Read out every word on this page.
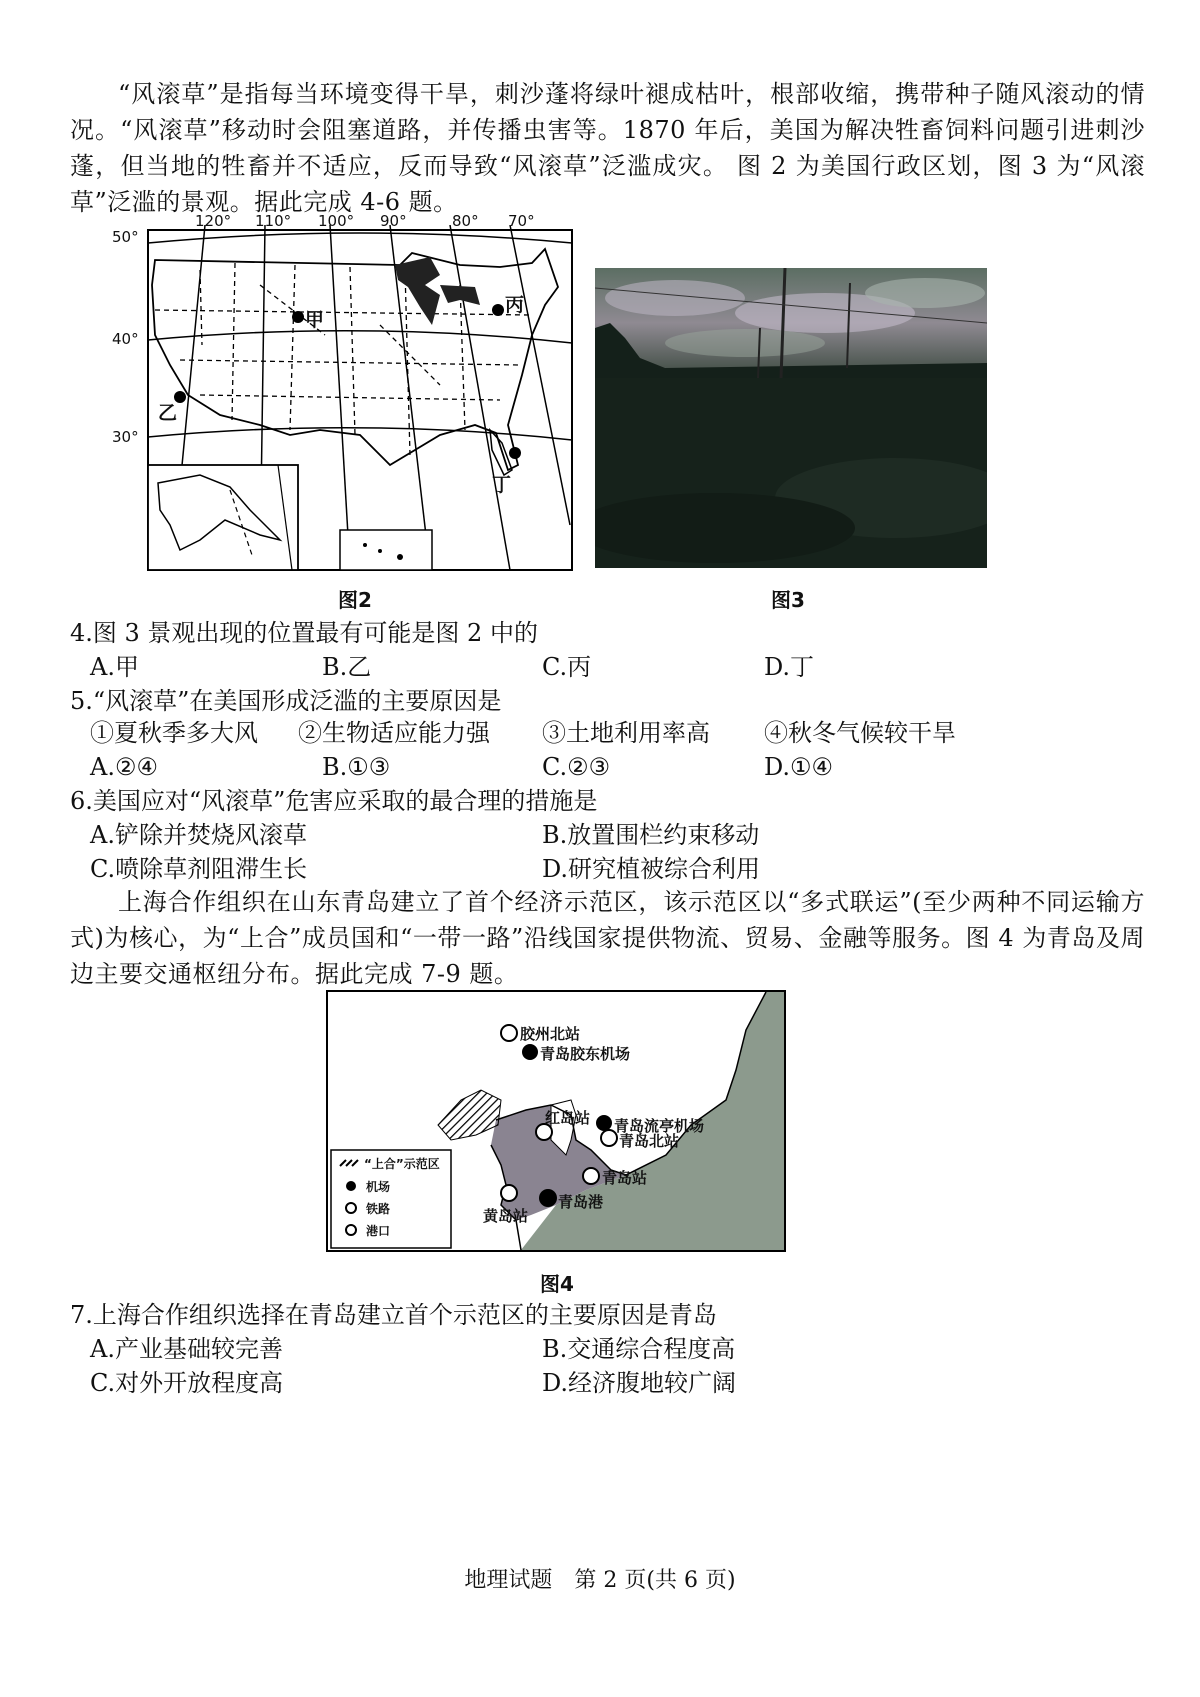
“风滚草”是指每当环境变得干旱，刺沙蓬将绿叶褪成枯叶，根部收缩，携带种子随风滚动的情况。“风滚草”移动时会阻塞道路，并传播虫害等。1870 年后，美国为解决牲畜饲料问题引进刺沙蓬，但当地的牲畜并不适应，反而导致“风滚草”泛滥成灾。 图 2 为美国行政区划，图 3 为“风滚草”泛滥的景观。据此完成 4-6 题。
120° 110° 100° 90°	80° 70°
50°
40°
30°
甲
乙
丙
丁
图2	图3
4.图 3 景观出现的位置最有可能是图 2 中的
A.甲	B.乙	C.丙	D.丁
5.“风滚草”在美国形成泛滥的主要原因是
①夏秋季多大风 ②生物适应能力强 ③土地利用率高 ④秋冬气候较干旱
A.②④	B.①③	C.②③	D.①④
6.美国应对“风滚草”危害应采取的最合理的措施是
A.铲除并焚烧风滚草	B.放置围栏约束移动
C.喷除草剂阻滞生长	D.研究植被综合利用
上海合作组织在山东青岛建立了首个经济示范区，该示范区以“多式联运”(至少两种不同运输方式)为核心，为“上合”成员国和“一带一路”沿线国家提供物流、贸易、金融等服务。图 4 为青岛及周边主要交通枢纽分布。据此完成 7-9 题。
胶州北站
青岛胶东机场
红岛站 青岛流亭机场
青岛北站
青岛站
黄岛站
青岛港
“上合”示范区
机场
铁路
港口
图4
7.上海合作组织选择在青岛建立首个示范区的主要原因是青岛
A.产业基础较完善	B.交通综合程度高
C.对外开放程度高	D.经济腹地较广阔
地理试题　第 2 页(共 6 页)
